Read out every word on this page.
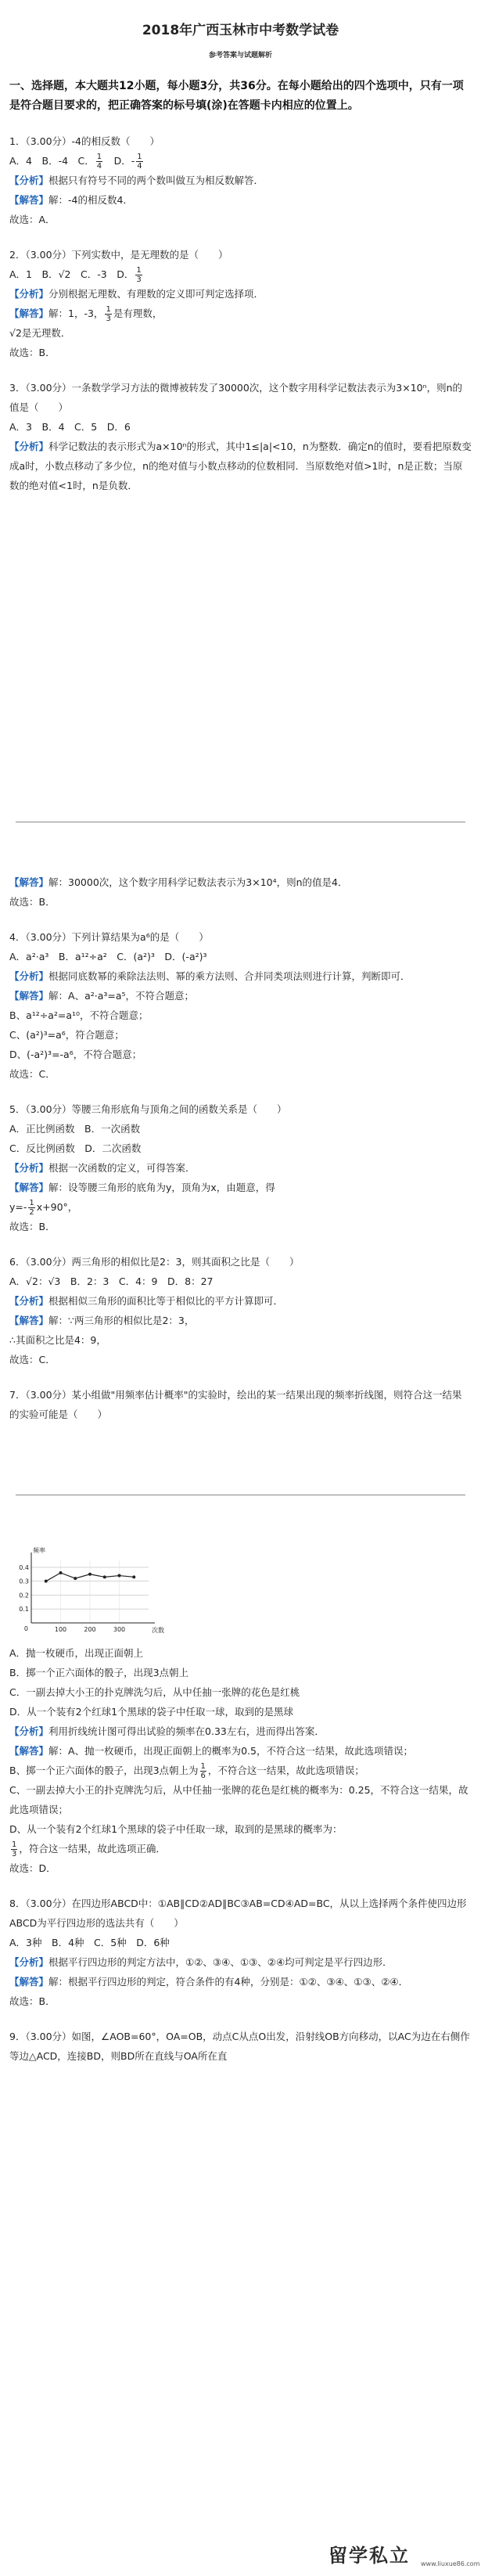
2018年广西玉林市中考数学试卷
参考答案与试题解析
一、选择题，本大题共12小题，每小题3分，共36分。在每小题给出的四个选项中，只有一项是符合题目要求的，把正确答案的标号填(涂)在答题卡内相应的位置上。
1．（3.00分）-4的相反数（　　）
A．4　B．-4　C． $\frac{1}{4}$ 　D．- $\frac{1}{4}$
【分析】根据只有符号不同的两个数叫做互为相反数解答．
【解答】解：-4的相反数4．
故选：A．
2．（3.00分）下列实数中，是无理数的是（　　）
A．1　B．√2　C．-3　D． $\frac{1}{3}$
【分析】分别根据无理数、有理数的定义即可判定选择项．
【解答】解：1，-3， $\frac{1}{3}$ 是有理数，
√2是无理数．
故选：B．
3．（3.00分）一条数学学习方法的微博被转发了30000次，这个数字用科学记数法表示为3×10ⁿ，则n的值是（　　）
A．3　B．4　C．5　D．6
【分析】科学记数法的表示形式为a×10ⁿ的形式，其中1≤|a|<10，n为整数．确定n的值时，要看把原数变成a时，小数点移动了多少位，n的绝对值与小数点移动的位数相同．当原数绝对值>1时，n是正数；当原数的绝对值<1时，n是负数．
【解答】解：30000次，这个数字用科学记数法表示为3×10⁴，则n的值是4．
故选：B．
4．（3.00分）下列计算结果为a⁶的是（　　）
A．a²·a³　B．a¹²÷a²　C．(a²)³　D．(-a²)³
【分析】根据同底数幂的乘除法法则、幂的乘方法则、合并同类项法则进行计算，判断即可．
【解答】解：A、a²·a³=a⁵，不符合题意；
B、a¹²÷a²=a¹⁰，不符合题意；
C、(a²)³=a⁶，符合题意；
D、(-a²)³=-a⁶，不符合题意；
故选：C．
5．（3.00分）等腰三角形底角与顶角之间的函数关系是（　　）
A．正比例函数　B．一次函数
C．反比例函数　D．二次函数
【分析】根据一次函数的定义，可得答案．
【解答】解：设等腰三角形的底角为y，顶角为x，由题意，得
$y=- \frac{1}{2} x+90^\circ$，
故选：B．
6．（3.00分）两三角形的相似比是2：3，则其面积之比是（　　）
A．√2：√3　B．2：3　C．4：9　D．8：27
【分析】根据相似三角形的面积比等于相似比的平方计算即可．
【解答】解：∵两三角形的相似比是2：3，
∴其面积之比是4：9，
故选：C．
7．（3.00分）某小组做"用频率估计概率"的实验时，绘出的某一结果出现的频率折线图，则符合这一结果的实验可能是（　　）
0.4
0.3
0.2
0.1
频率
次数
0	100	200	300
A．抛一枚硬币，出现正面朝上
B．掷一个正六面体的骰子，出现3点朝上
C．一副去掉大小王的扑克牌洗匀后，从中任抽一张牌的花色是红桃
D．从一个装有2个红球1个黑球的袋子中任取一球，取到的是黑球
【分析】利用折线统计图可得出试验的频率在0.33左右，进而得出答案．
【解答】解：A、抛一枚硬币，出现正面朝上的概率为0.5，不符合这一结果，故此选项错误；
B、掷一个正六面体的骰子，出现3点朝上为 $\frac{1}{6}$ ，不符合这一结果，故此选项错误；
C、一副去掉大小王的扑克牌洗匀后，从中任抽一张牌的花色是红桃的概率为：0.25，不符合这一结果，故此选项错误；
D、从一个装有2个红球1个黑球的袋子中任取一球，取到的是黑球的概率为：
$\frac{1}{3}$ ，符合这一结果，故此选项正确．
故选：D．
8．（3.00分）在四边形ABCD中：①AB∥CD②AD∥BC③AB=CD④AD=BC，从以上选择两个条件使四边形ABCD为平行四边形的选法共有（　　）
A．3种　B．4种　C．5种　D．6种
【分析】根据平行四边形的判定方法中，①②、③④、①③、②④均可判定是平行四边形．
【解答】解：根据平行四边形的判定，符合条件的有4种，分别是：①②、③④、①③、②④．
故选：B．
9．（3.00分）如图，∠AOB=60°，OA=OB，动点C从点O出发，沿射线OB方向移动，以AC为边在右侧作等边△ACD，连接BD，则BD所在直线与OA所在直
留学私立 www.liuxue86.com
